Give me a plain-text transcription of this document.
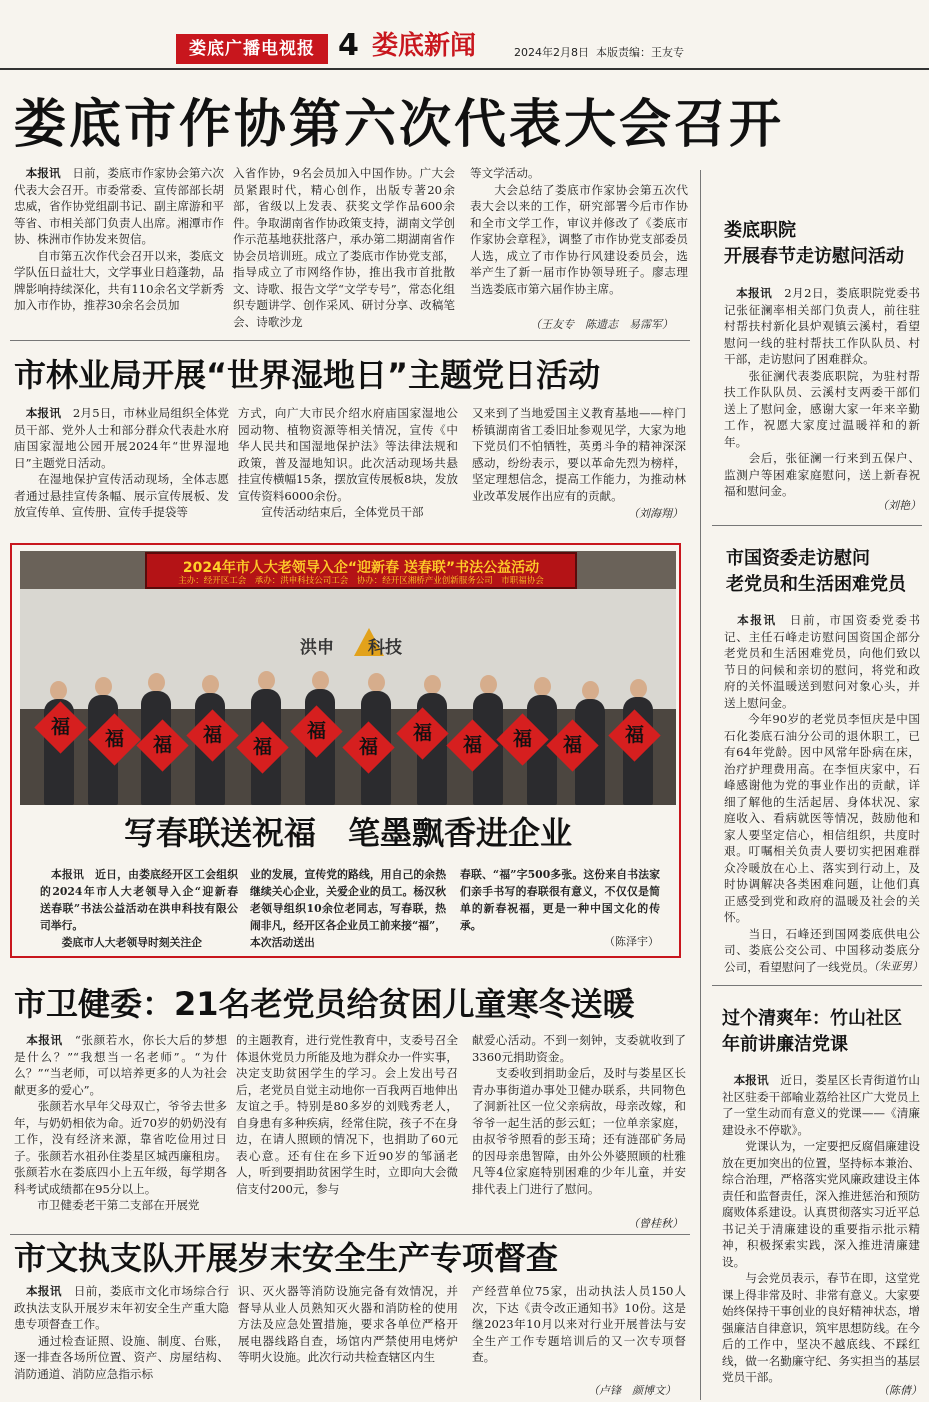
娄底广播电视报 4 娄底新闻	2024年2月8日 本版责编：王友专
娄底市作协第六次代表大会召开

　本报讯　 日前，娄底市作家协会第六次代表大会召开。市委常委、宣传部部长胡忠威，省作协党组副书记、副主席游和平等省、市相关部门负责人出席。湘潭市作协、株洲市作协发来贺信。

　　自市第五次作代会召开以来，娄底文学队伍日益壮大，文学事业日趋蓬勃，品牌影响持续深化，共有110余名文学新秀加入市作协，推荐30余名会员加

入省作协，9名会员加入中国作协。广大会员紧跟时代，精心创作，出版专著20余部，省级以上发表、获奖文学作品600余件。争取湖南省作协政策支持，湖南文学创作示范基地获批落户，承办第二期湖南省作协会员培训班。成立了娄底市作协党支部，指导成立了市网络作协，推出我市首批散文、诗歌、报告文学“文学专号”，常态化组织专题讲学、创作采风、研讨分享、改稿笔会、诗歌沙龙

等文学活动。

　　大会总结了娄底市作家协会第五次代表大会以来的工作，研究部署今后市作协和全市文学工作，审议并修改了《娄底市作家协会章程》，调整了市作协党支部委员人选，成立了市作协行风建设委员会，选举产生了新一届市作协领导班子。廖志理当选娄底市第六届作协主席。

（王友专　陈遗志　易霈军）
娄底职院
开展春节走访慰问活动

　本报讯　 2月2日，娄底职院党委书记张征澜率相关部门负责人，前往驻村帮扶村新化县炉观镇云溪村，看望慰问一线的驻村帮扶工作队队员、村干部，走访慰问了困难群众。

　　张征澜代表娄底职院，为驻村帮扶工作队队员、云溪村支两委干部们送上了慰问金，感谢大家一年来辛勤工作，祝愿大家度过温暖祥和的新年。

　　会后，张征澜一行来到五保户、监测户等困难家庭慰问，送上新春祝福和慰问金。

（刘艳）
市林业局开展“世界湿地日”主题党日活动

　本报讯　 2月5日，市林业局组织全体党员干部、党外人士和部分群众代表赴水府庙国家湿地公园开展2024年“世界湿地日”主题党日活动。

　　在湿地保护宣传活动现场，全体志愿者通过悬挂宣传条幅、展示宣传展板、发放宣传单、宣传册、宣传手提袋等

方式，向广大市民介绍水府庙国家湿地公园动物、植物资源等相关情况，宣传《中华人民共和国湿地保护法》等法律法规和政策，普及湿地知识。此次活动现场共悬挂宣传横幅15条，摆放宣传展板8块，发放宣传资料6000余份。

　　宣传活动结束后，全体党员干部

又来到了当地爱国主义教育基地——梓门桥镇湖南省工委旧址参观见学，大家为地下党员们不怕牺牲，英勇斗争的精神深深感动，纷纷表示，要以革命先烈为榜样，坚定理想信念，提高工作能力，为推动林业改革发展作出应有的贡献。

（刘海翔）
2024年市人大老领导入企“迎新春 送春联”书法公益活动
主办：经开区工会　承办：洪申科技公司工会　协办：经开区湘桥产业创新服务公司　市职福协会
洪申　　科技
福
福	福	福
福
福
福
福
福	福	福	福
写春联送祝福　笔墨飘香进企业

　本报讯　 近日，由娄底经开区工会组织的2024年市人大老领导入企“迎新春　送春联”书法公益活动在洪申科技有限公司举行。

　　娄底市人大老领导时刻关注企

业的发展，宣传党的路线，用自己的余热继续关心企业，关爱企业的员工。杨汉秋老领导组织10余位老同志，写春联，热闹非凡，经开区各企业员工前来接“福”，本次活动送出

春联、“福”字500多张。这份来自书法家们亲手书写的春联很有意义，不仅仅是简单的新春祝福，更是一种中国文化的传承。

（陈泽宇）
市国资委走访慰问
老党员和生活困难党员

　本报讯　 日前，市国资委党委书记、主任石峰走访慰问国资国企部分老党员和生活困难党员，向他们致以节日的问候和亲切的慰问，将党和政府的关怀温暖送到慰问对象心头，并送上慰问金。

　　今年90岁的老党员李恒庆是中国石化娄底石油分公司的退休职工，已有64年党龄。因中风常年卧病在床，治疗护理费用高。在李恒庆家中，石峰感谢他为党的事业作出的贡献，详细了解他的生活起居、身体状况、家庭收入、看病就医等情况，鼓励他和家人要坚定信心，相信组织，共度时艰。叮嘱相关负责人要切实把困难群众冷暖放在心上、落实到行动上，及时协调解决各类困难问题，让他们真正感受到党和政府的温暖及社会的关怀。

　　当日，石峰还到国网娄底供电公司、娄底公交公司、中国移动娄底分公司，看望慰问了一线党员。

（朱亚男）
市卫健委：21名老党员给贫困儿童寒冬送暖

　本报讯　 “张颜若水，你长大后的梦想是什么？”“我想当一名老师”。“为什么？”“当老师，可以培养更多的人为社会献更多的爱心”。

　　张颜若水早年父母双亡，爷爷去世多年，与奶奶相依为命。近70岁的奶奶没有工作，没有经济来源，靠省吃俭用过日子。张颜若水祖孙住娄星区城西廉租房。张颜若水在娄底四小上五年级，每学期各科考试成绩都在95分以上。

　　市卫健委老干第二支部在开展党

的主题教育，进行党性教育中，支委号召全体退休党员力所能及地为群众办一件实事，决定支助贫困学生的学习。会上发出号召后，老党员自觉主动地你一百我两百地伸出友谊之手。特别是80多岁的刘贱秀老人，自身患有多种疾病，经常住院，孩子不在身边，在请人照顾的情况下，也捐助了60元表心意。还有住在乡下近90岁的邹涵老人，听到要捐助贫困学生时，立即向大会微信支付200元，参与

献爱心活动。不到一刻钟，支委就收到了3360元捐助资金。

　　支委收到捐助金后，及时与娄星区长青办事街道办事处卫健办联系，共同物色了洞新社区一位父亲病故，母亲改嫁，和爷爷一起生活的彭云虹；一位单亲家庭，由叔爷爷照看的彭玉琦；还有涟邵矿务局的因母亲患智障，由外公外婆照顾的杜雅凡等4位家庭特别困难的少年儿童，并安排代表上门进行了慰问。

（曾桂秋）
过个清爽年：竹山社区
年前讲廉洁党课

　本报讯　 近日，娄星区长青街道竹山社区驻委干部喻业荔给社区广大党员上了一堂生动而有意义的党课——《清廉建设永不停歇》。

　　党课认为，一定要把反腐倡廉建设放在更加突出的位置，坚持标本兼治、综合治理，严格落实党风廉政建设主体责任和监督责任，深入推进惩治和预防腐败体系建设。认真贯彻落实习近平总书记关于清廉建设的重要指示批示精神，积极探索实践，深入推进清廉建设。

　　与会党员表示，春节在即，这堂党课上得非常及时、非常有意义。大家要始终保持干事创业的良好精神状态，增强廉洁自律意识，筑牢思想防线。在今后的工作中，坚决不越底线、不踩红线，做一名勤廉守纪、务实担当的基层党员干部。

（陈倩）
市文执支队开展岁末安全生产专项督查

　本报讯　 日前，娄底市文化市场综合行政执法支队开展岁末年初安全生产重大隐患专项督查工作。

　　通过检查证照、设施、制度、台账，逐一排查各场所位置、资产、房屋结构、消防通道、消防应急指示标

识、灭火器等消防设施完备有效情况，并督导从业人员熟知灭火器和消防栓的使用方法及应急处置措施，要求各单位严格开展电器线路自查，场馆内严禁使用电烤炉等明火设施。此次行动共检查辖区内生

产经营单位75家，出动执法人员150人次，下达《责令改正通知书》10份。这是继2023年10月以来对行业开展普法与安全生产工作专题培训后的又一次专项督查。

（卢锋　颜博文）
